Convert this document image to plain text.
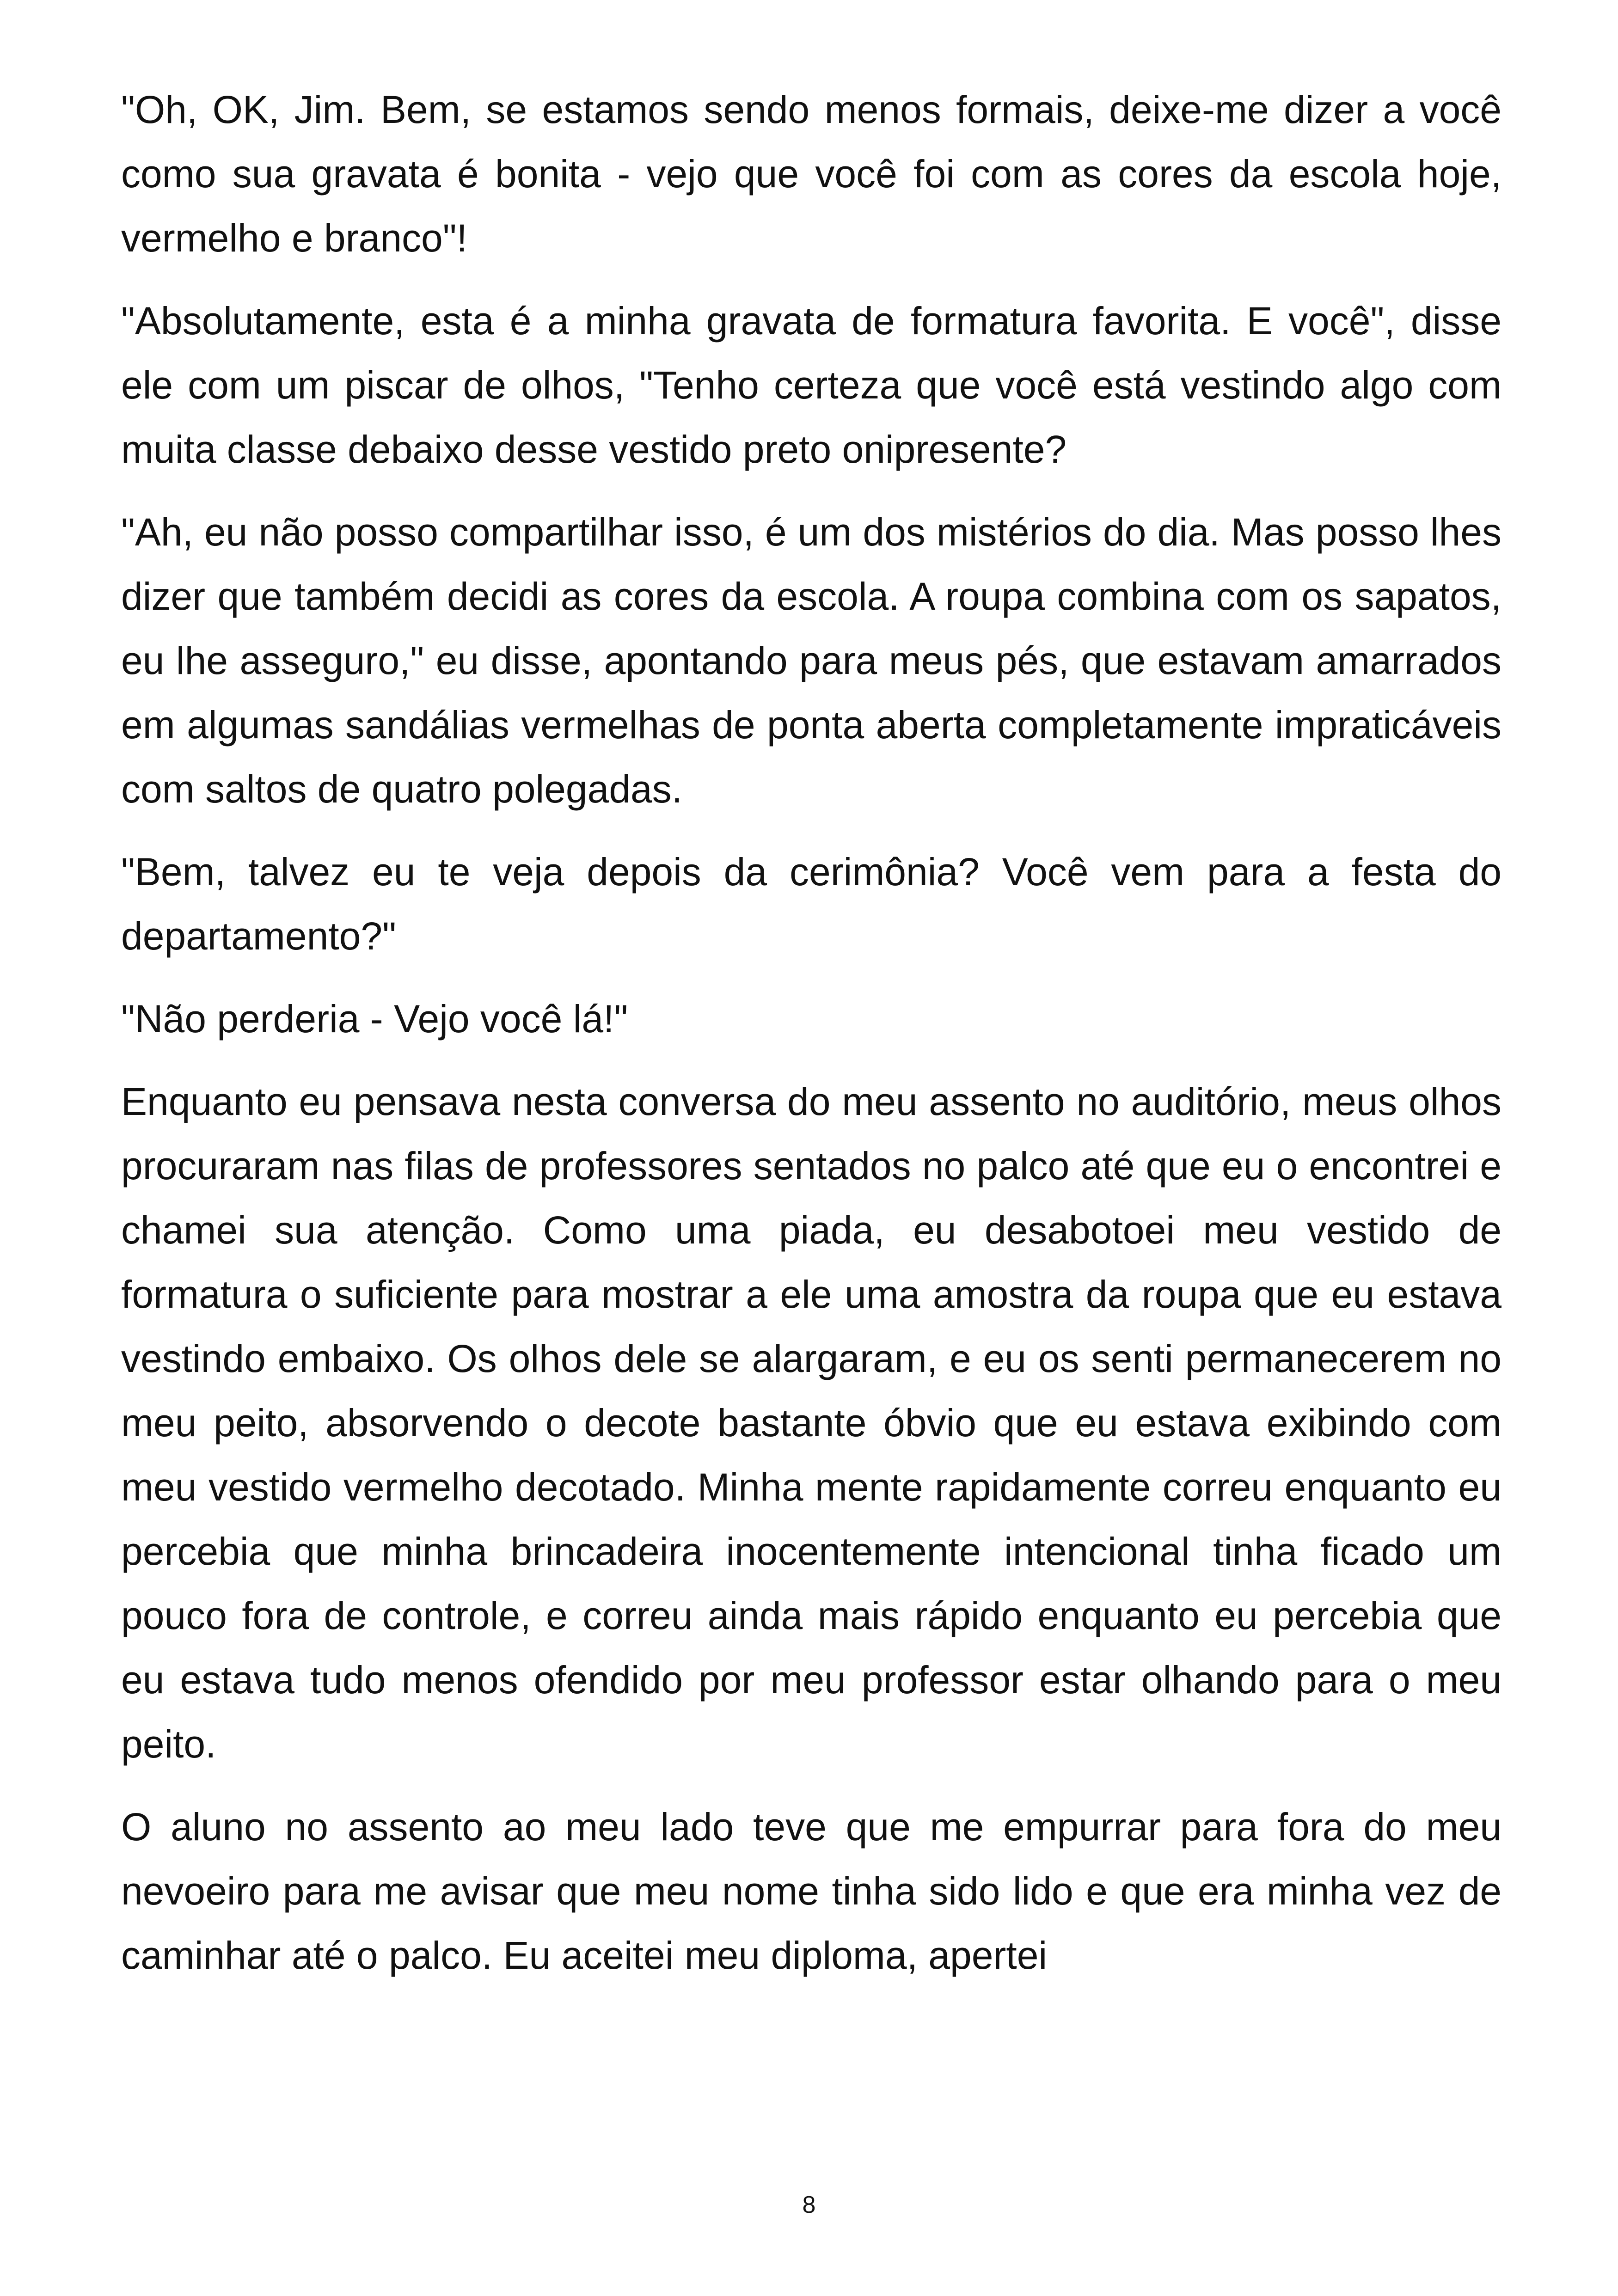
"Oh, OK, Jim. Bem, se estamos sendo menos formais, deixe-me dizer a você como sua gravata é bonita - vejo que você foi com as cores da escola hoje, vermelho e branco"!

"Absolutamente, esta é a minha gravata de formatura favorita. E você", disse ele com um piscar de olhos, "Tenho certeza que você está vestindo algo com muita classe debaixo desse vestido preto onipresente?

"Ah, eu não posso compartilhar isso, é um dos mistérios do dia. Mas posso lhes dizer que também decidi as cores da escola. A roupa combina com os sapatos, eu lhe asseguro," eu disse, apontando para meus pés, que estavam amarrados em algumas sandálias vermelhas de ponta aberta completamente impraticáveis com saltos de quatro polegadas.

"Bem, talvez eu te veja depois da cerimônia? Você vem para a festa do departamento?"

"Não perderia - Vejo você lá!"

Enquanto eu pensava nesta conversa do meu assento no auditório, meus olhos procuraram nas filas de professores sentados no palco até que eu o encontrei e chamei sua atenção. Como uma piada, eu desabotoei meu vestido de formatura o suficiente para mostrar a ele uma amostra da roupa que eu estava vestindo embaixo. Os olhos dele se alargaram, e eu os senti permanecerem no meu peito, absorvendo o decote bastante óbvio que eu estava exibindo com meu vestido vermelho decotado. Minha mente rapidamente correu enquanto eu percebia que minha brincadeira inocentemente intencional tinha ficado um pouco fora de controle, e correu ainda mais rápido enquanto eu percebia que eu estava tudo menos ofendido por meu professor estar olhando para o meu peito.

O aluno no assento ao meu lado teve que me empurrar para fora do meu nevoeiro para me avisar que meu nome tinha sido lido e que era minha vez de caminhar até o palco. Eu aceitei meu diploma, apertei

8
